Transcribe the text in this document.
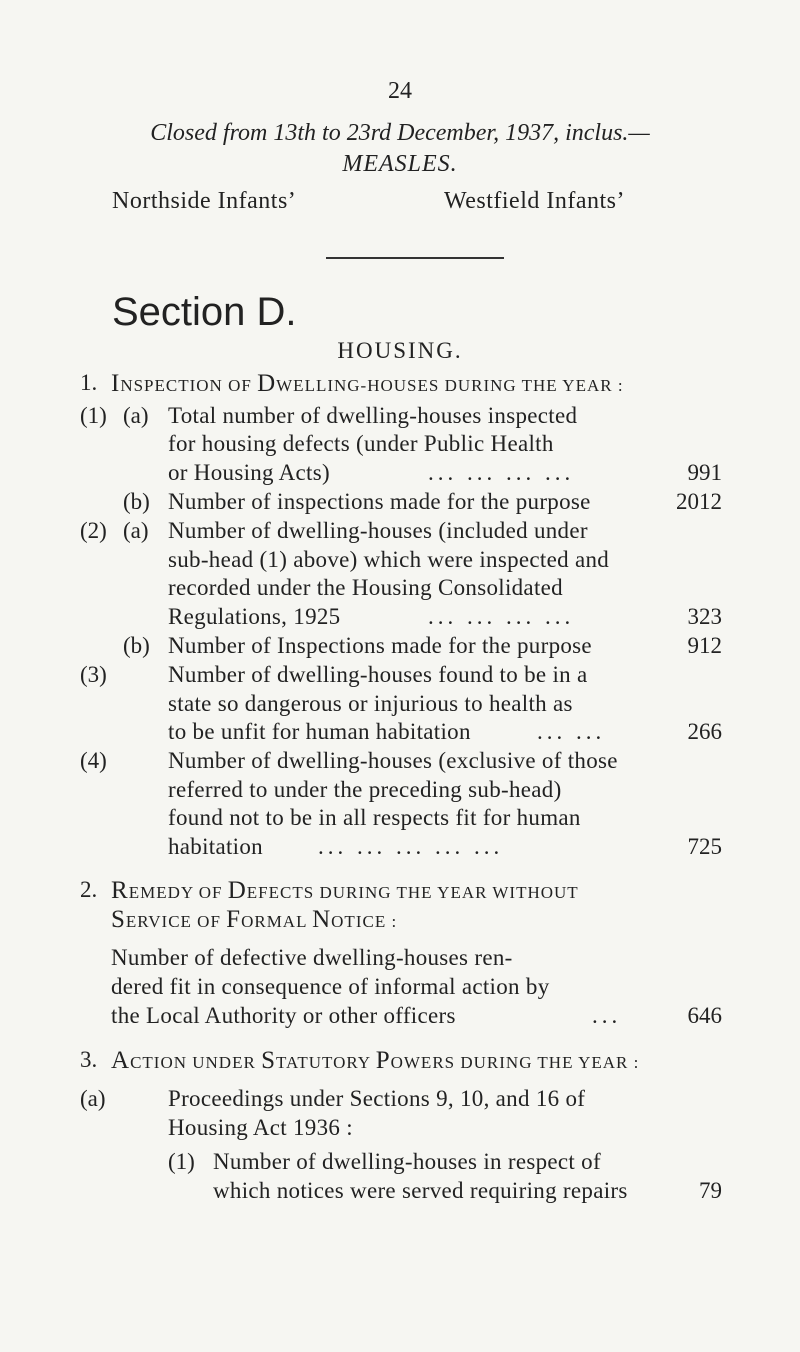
24
Closed from 13th to 23rd December, 1937, inclus.—
MEASLES.
Northside Infants’	Westfield Infants’
Section D.
HOUSING.
1. INSPECTION OF DWELLING-HOUSES DURING THE YEAR :
(1) (a) Total number of dwelling-houses inspected
for housing defects (under Public Health
or Housing Acts)	... ... ... ...	991
(b) Number of inspections made for the purpose	2012
(2) (a) Number of dwelling-houses (included under
sub-head (1) above) which were inspected and
recorded under the Housing Consolidated
Regulations, 1925	... ... ... ...	323
(b) Number of Inspections made for the purpose	912
(3)	Number of dwelling-houses found to be in a
state so dangerous or injurious to health as
to be unfit for human habitation	... ...	266
(4)	Number of dwelling-houses (exclusive of those
referred to under the preceding sub-head)
found not to be in all respects fit for human
habitation ... ... ... ... ...	725
2. REMEDY OF DEFECTS DURING THE YEAR WITHOUT
SERVICE OF FORMAL NOTICE :
Number of defective dwelling-houses ren-
dered fit in consequence of informal action by
the Local Authority or other officers	...	646
3. ACTION UNDER STATUTORY POWERS DURING THE YEAR :
(a)	Proceedings under Sections 9, 10, and 16 of
Housing Act 1936 :
(1) Number of dwelling-houses in respect of
which notices were served requiring repairs	79
